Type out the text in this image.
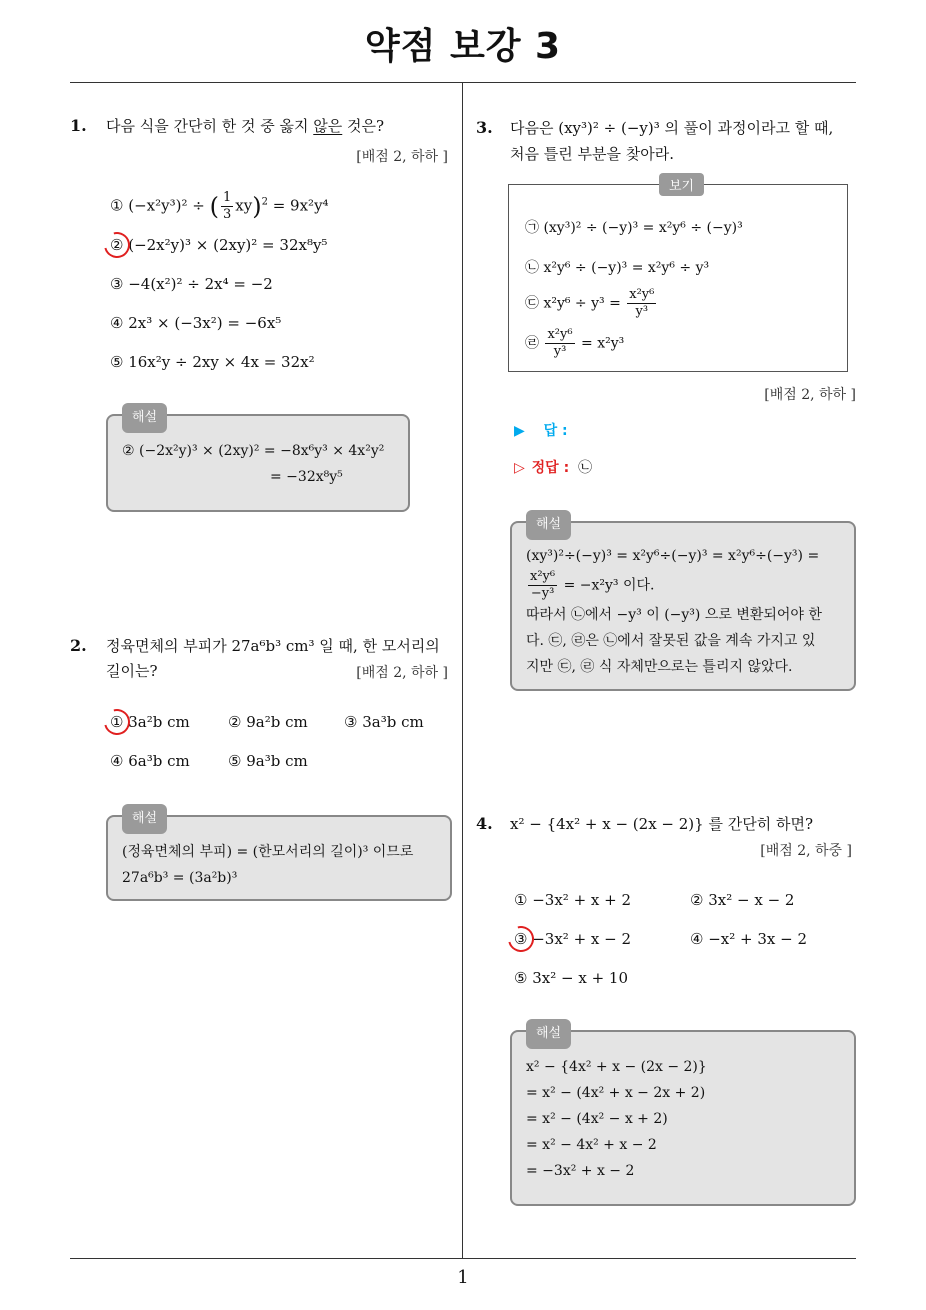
약점 보강 3
1
1. 다음 식을 간단히 한 것 중 옳지 않은 것은?
[배점 2, 하하 ]
① (−x²y³)² ÷ ( $\frac{1}{3} xy)^2 = 9x^2y^4$
② (−2x²y)³ × (2xy)² = 32x⁸y⁵
③ −4(x²)² ÷ 2x⁴ = −2
④ 2x³ × (−3x²) = −6x⁵
⑤ 16x²y ÷ 2xy × 4x = 32x²
해설
② (−2x²y)³ × (2xy)² = −8x⁶y³ × 4x²y²
= −32x⁸y⁵
2. 정육면체의 부피가 27a⁶b³ cm³ 일 때, 한 모서리의
길이는?	[배점 2, 하하 ]
① 3a²b cm	② 9a²b cm ③ 3a³b cm
④ 6a³b cm	⑤ 9a³b cm
해설
(정육면체의 부피) = (한모서리의 길이)³ 이므로
27a⁶b³ = (3a²b)³
3. 다음은 (xy³)² ÷ (−y)³ 의 풀이 과정이라고 할 때,
처음 틀린 부분을 찾아라.
보기
㉠ (xy³)² ÷ (−y)³ = x²y⁶ ÷ (−y)³
㉡ x²y⁶ ÷ (−y)³ = x²y⁶ ÷ y³
㉢ $x^2y^6 \div y^3 = \frac{\text{x²y⁶}}{\text{y³}}$
㉣ $\frac{\text{x²y⁶}}{\text{y³}} = x^2y^3$
[배점 2, 하하 ]
▶ 답 :
▷ 정답 : ㉡
해설
(xy³)²÷(−y)³ = x²y⁶÷(−y)³ = x²y⁶÷(−y³) =
$\frac{\text{x²y⁶}}{\text{−y³}} = -x^2y^3$ 이다.
따라서 ㉡에서 −y³ 이 (−y³) 으로 변환되어야 한
다. ㉢, ㉣은 ㉡에서 잘못된 값을 계속 가지고 있
지만 ㉢, ㉣ 식 자체만으로는 틀리지 않았다.
4. x² − {4x² + x − (2x − 2)} 를 간단히 하면?
[배점 2, 하중 ]
① −3x² + x + 2	② 3x² − x − 2
③ −3x² + x − 2	④ −x² + 3x − 2
⑤ 3x² − x + 10
해설
x² − {4x² + x − (2x − 2)}
= x² − (4x² + x − 2x + 2)
= x² − (4x² − x + 2)
= x² − 4x² + x − 2
= −3x² + x − 2
